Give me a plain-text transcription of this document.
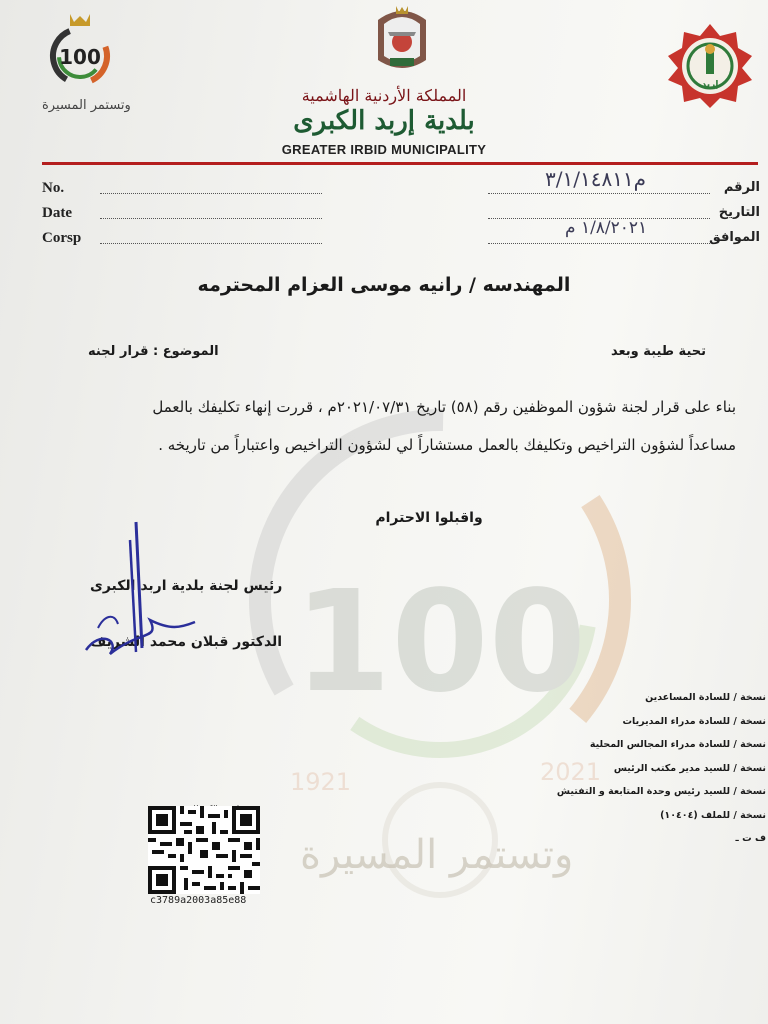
100
1921	2021
وتستمر المسيرة
100
وتستمر المسيرة
إربد
المملكة الأردنية الهاشمية
بلدية إربد الكبرى
GREATER IRBID MUNICIPALITY
No.
Date
Corsp
الرقم
م٣/١/١٤٨١١
التاريخ
الموافق
١/٨/٢٠٢١ م
المهندسه / رانيه موسى العزام المحترمه
تحية طيبة وبعد
الموضوع : قرار لجنه
بناء على قرار لجنة شؤون الموظفين رقم (٥٨) تاريخ ٢٠٢١/٠٧/٣١م ، قررت إنهاء تكليفك بالعمل
مساعداً لشؤون التراخيص وتكليفك بالعمل مستشاراً لي لشؤون التراخيص واعتباراً من تاريخه .
واقبلوا الاحترام
رئيس لجنة بلدية اربد الكبرى
الدكتور قبلان محمد الشريف
نسخة / للسادة المساعدين
نسخة / للسادة مدراء المديريات
نسخة / للسادة مدراء المجالس المحلية
نسخة / للسيد مدير مكتب الرئيس
نسخة / للسيد رئيس وحدة المتابعة و التفتيش
نسخة / للملف (١٠٤٠٤)
ف ت ـ
c3789a2003a85e88
